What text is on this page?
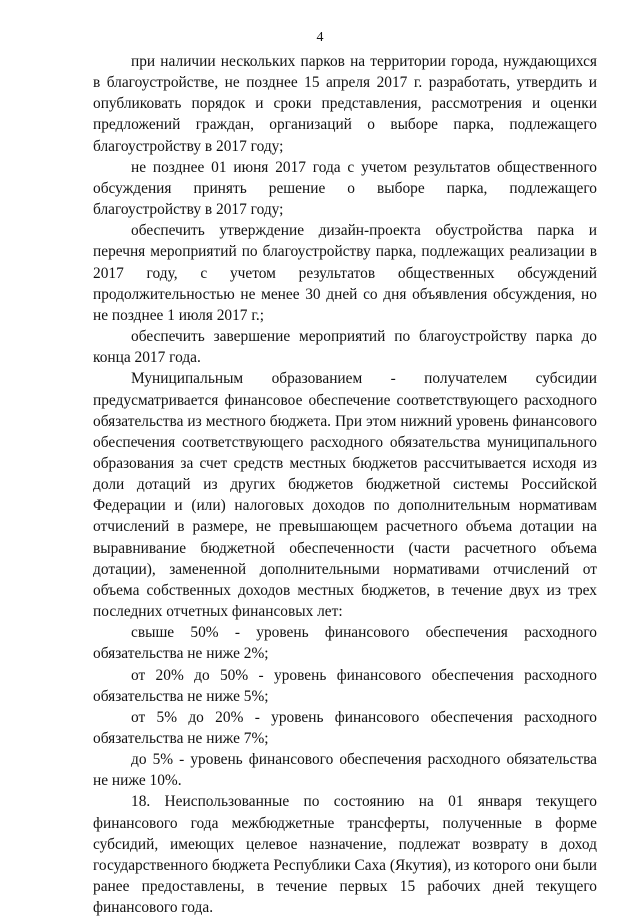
4

при наличии нескольких парков на территории города, нуждающихся в благоустройстве, не позднее 15 апреля 2017 г. разработать, утвердить и опубликовать порядок и сроки представления, рассмотрения и оценки предложений граждан, организаций о выборе парка, подлежащего благоустройству в 2017 году;

не позднее 01 июня 2017 года с учетом результатов общественного обсуждения принять решение о выборе парка, подлежащего благоустройству в 2017 году;

обеспечить утверждение дизайн-проекта обустройства парка и перечня мероприятий по благоустройству парка, подлежащих реализации в 2017 году, с учетом результатов общественных обсуждений продолжительностью не менее 30 дней со дня объявления обсуждения, но не позднее 1 июля 2017 г.;

обеспечить завершение мероприятий по благоустройству парка до конца 2017 года.

Муниципальным образованием - получателем субсидии предусматривается финансовое обеспечение соответствующего расходного обязательства из местного бюджета. При этом нижний уровень финансового обеспечения соответствующего расходного обязательства муниципального образования за счет средств местных бюджетов рассчитывается исходя из доли дотаций из других бюджетов бюджетной системы Российской Федерации и (или) налоговых доходов по дополнительным нормативам отчислений в размере, не превышающем расчетного объема дотации на выравнивание бюджетной обеспеченности (части расчетного объема дотации), замененной дополнительными нормативами отчислений от объема собственных доходов местных бюджетов, в течение двух из трех последних отчетных финансовых лет:

свыше 50% - уровень финансового обеспечения расходного обязательства не ниже 2%;

от 20% до 50% - уровень финансового обеспечения расходного обязательства не ниже 5%;

от 5% до 20% - уровень финансового обеспечения расходного обязательства не ниже 7%;

до 5% - уровень финансового обеспечения расходного обязательства не ниже 10%.

18. Неиспользованные по состоянию на 01 января текущего финансового года межбюджетные трансферты, полученные в форме субсидий, имеющих целевое назначение, подлежат возврату в доход государственного бюджета Республики Саха (Якутия), из которого они были ранее предоставлены, в течение первых 15 рабочих дней текущего финансового года.
